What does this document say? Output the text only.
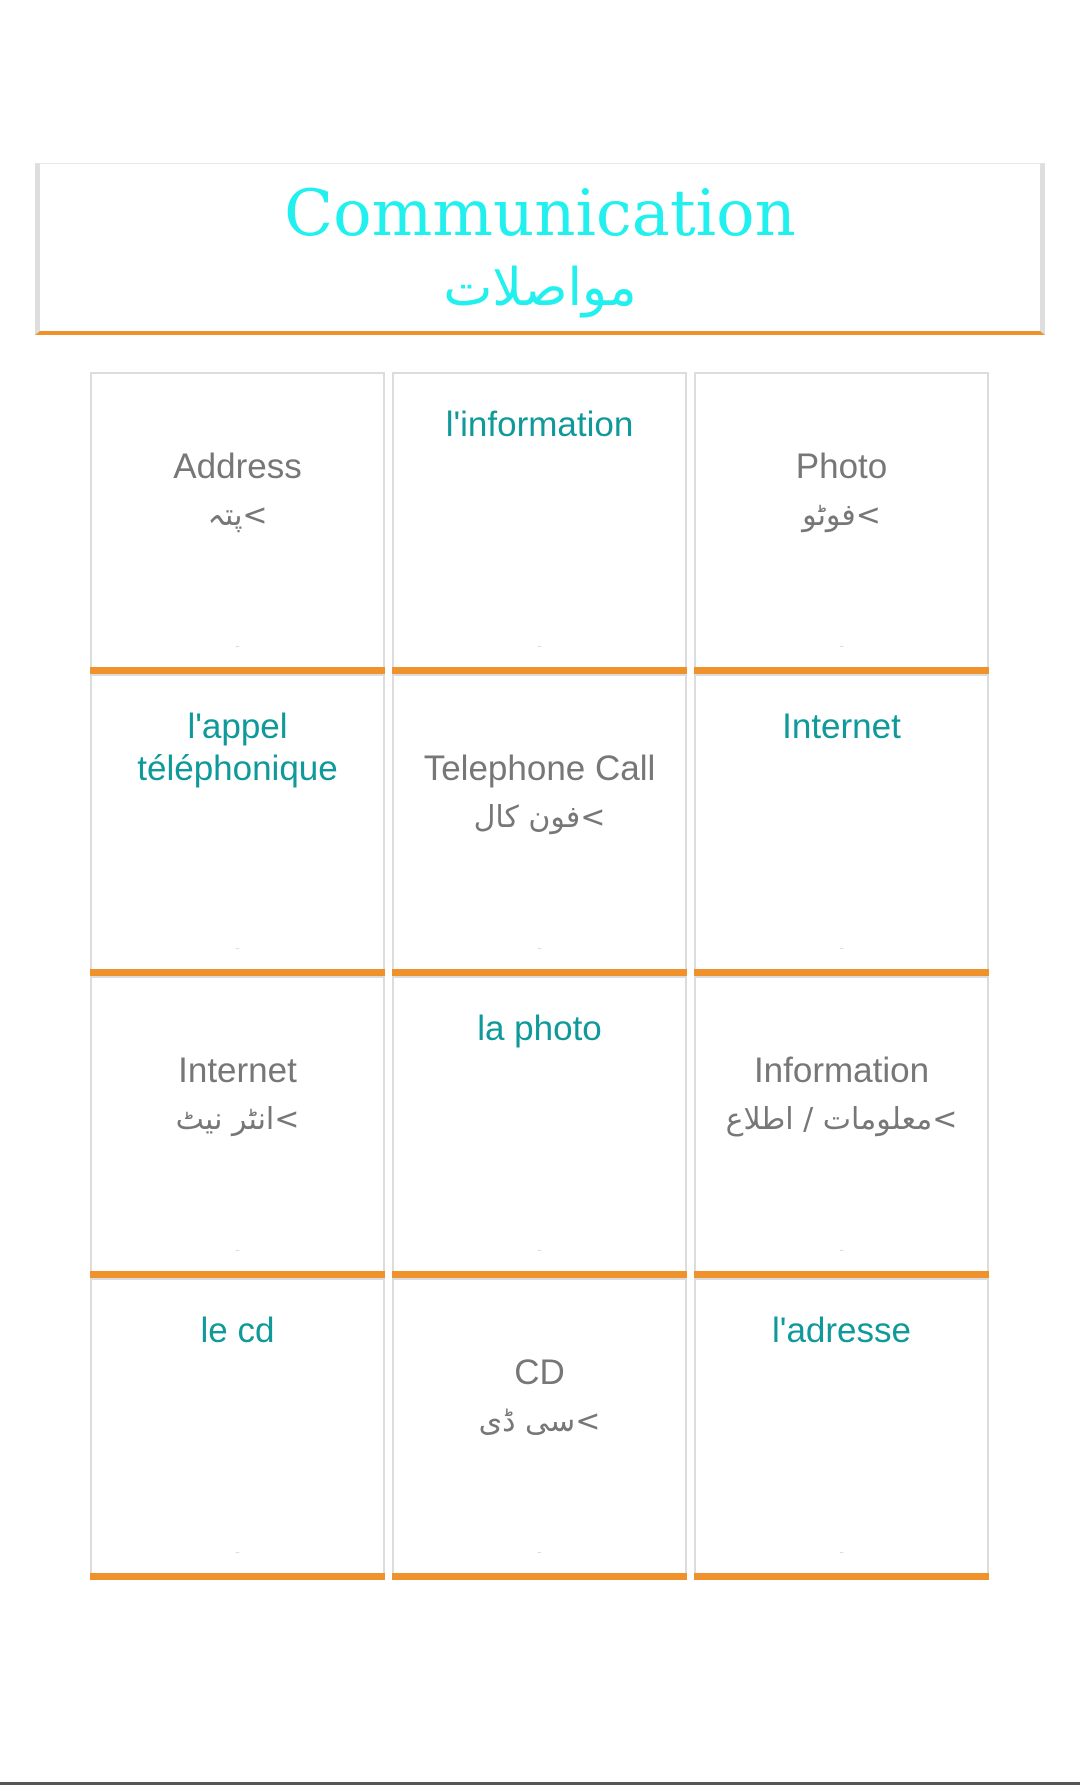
Communication
مواصلات
Address
>پتہ
-
l'information
-
Photo
>فوٹو
-
l'appel téléphonique
-
Telephone Call
>فون کال
-
Internet
-
Internet
>انٹر نیٹ
-
la photo
-
Information
>معلومات / اطلاع
-
le cd
-
CD
>سی ڈی
-
l'adresse
-
